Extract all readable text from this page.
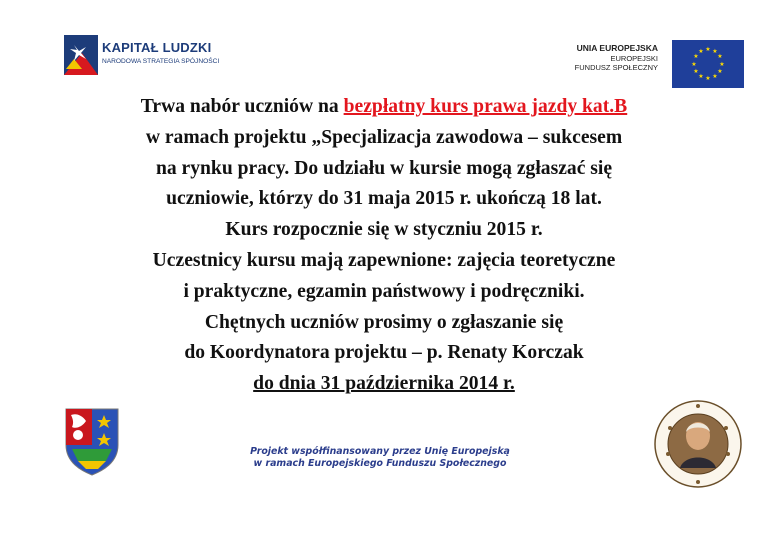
KAPITAŁ LUDZKI
NARODOWA STRATEGIA SPÓJNOŚCI
UNIA EUROPEJSKA
EUROPEJSKI
FUNDUSZ SPOŁECZNY
★ ★
★
★
★
★
★
★
★
★
★
★
Trwa nabór uczniów na bezpłatny kurs prawa jazdy kat.B
w ramach projektu „Specjalizacja zawodowa – sukcesem
na rynku pracy. Do udziału w kursie mogą zgłaszać się
uczniowie, którzy do 31 maja 2015 r. ukończą 18 lat.
Kurs rozpocznie się w styczniu 2015 r.
Uczestnicy kursu mają zapewnione: zajęcia teoretyczne
i praktyczne, egzamin państwowy i podręczniki.
Chętnych uczniów prosimy o zgłaszanie się
do Koordynatora projektu – p. Renaty Korczak
do dnia 31 października 2014 r.
Projekt współfinansowany przez Unię Europejską
w ramach Europejskiego Funduszu Społecznego
